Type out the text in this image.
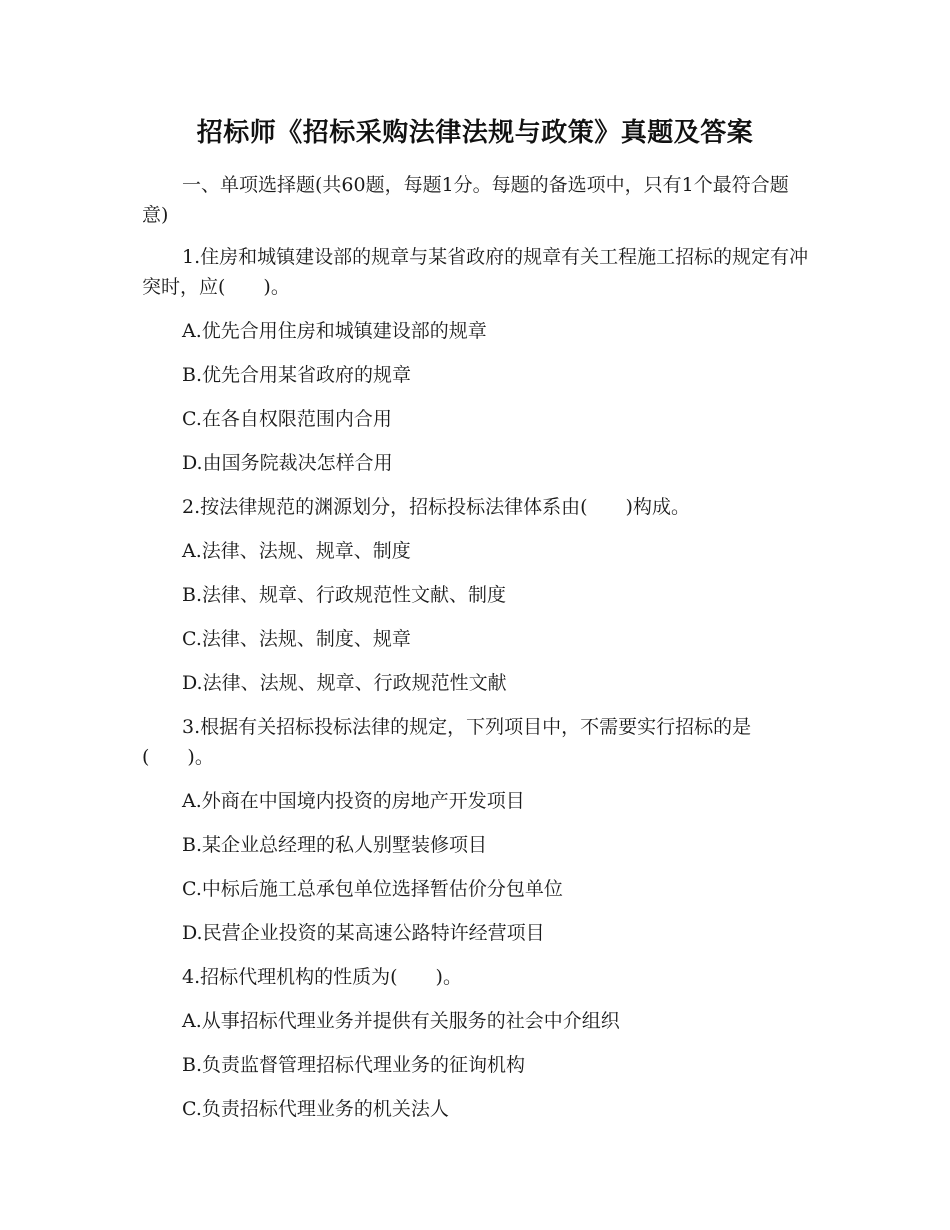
招标师《招标采购法律法规与政策》真题及答案
一、单项选择题(共60题，每题1分。每题的备选项中，只有1个最符合题意)

1.住房和城镇建设部的规章与某省政府的规章有关工程施工招标的规定有冲突时，应(　　)。

A.优先合用住房和城镇建设部的规章

B.优先合用某省政府的规章

C.在各自权限范围内合用

D.由国务院裁决怎样合用

2.按法律规范的渊源划分，招标投标法律体系由(　　)构成。

A.法律、法规、规章、制度

B.法律、规章、行政规范性文献、制度

C.法律、法规、制度、规章

D.法律、法规、规章、行政规范性文献

3.根据有关招标投标法律的规定，下列项目中，不需要实行招标的是(　　)。

A.外商在中国境内投资的房地产开发项目

B.某企业总经理的私人别墅装修项目

C.中标后施工总承包单位选择暂估价分包单位

D.民营企业投资的某高速公路特许经营项目

4.招标代理机构的性质为(　　)。

A.从事招标代理业务并提供有关服务的社会中介组织

B.负责监督管理招标代理业务的征询机构

C.负责招标代理业务的机关法人
